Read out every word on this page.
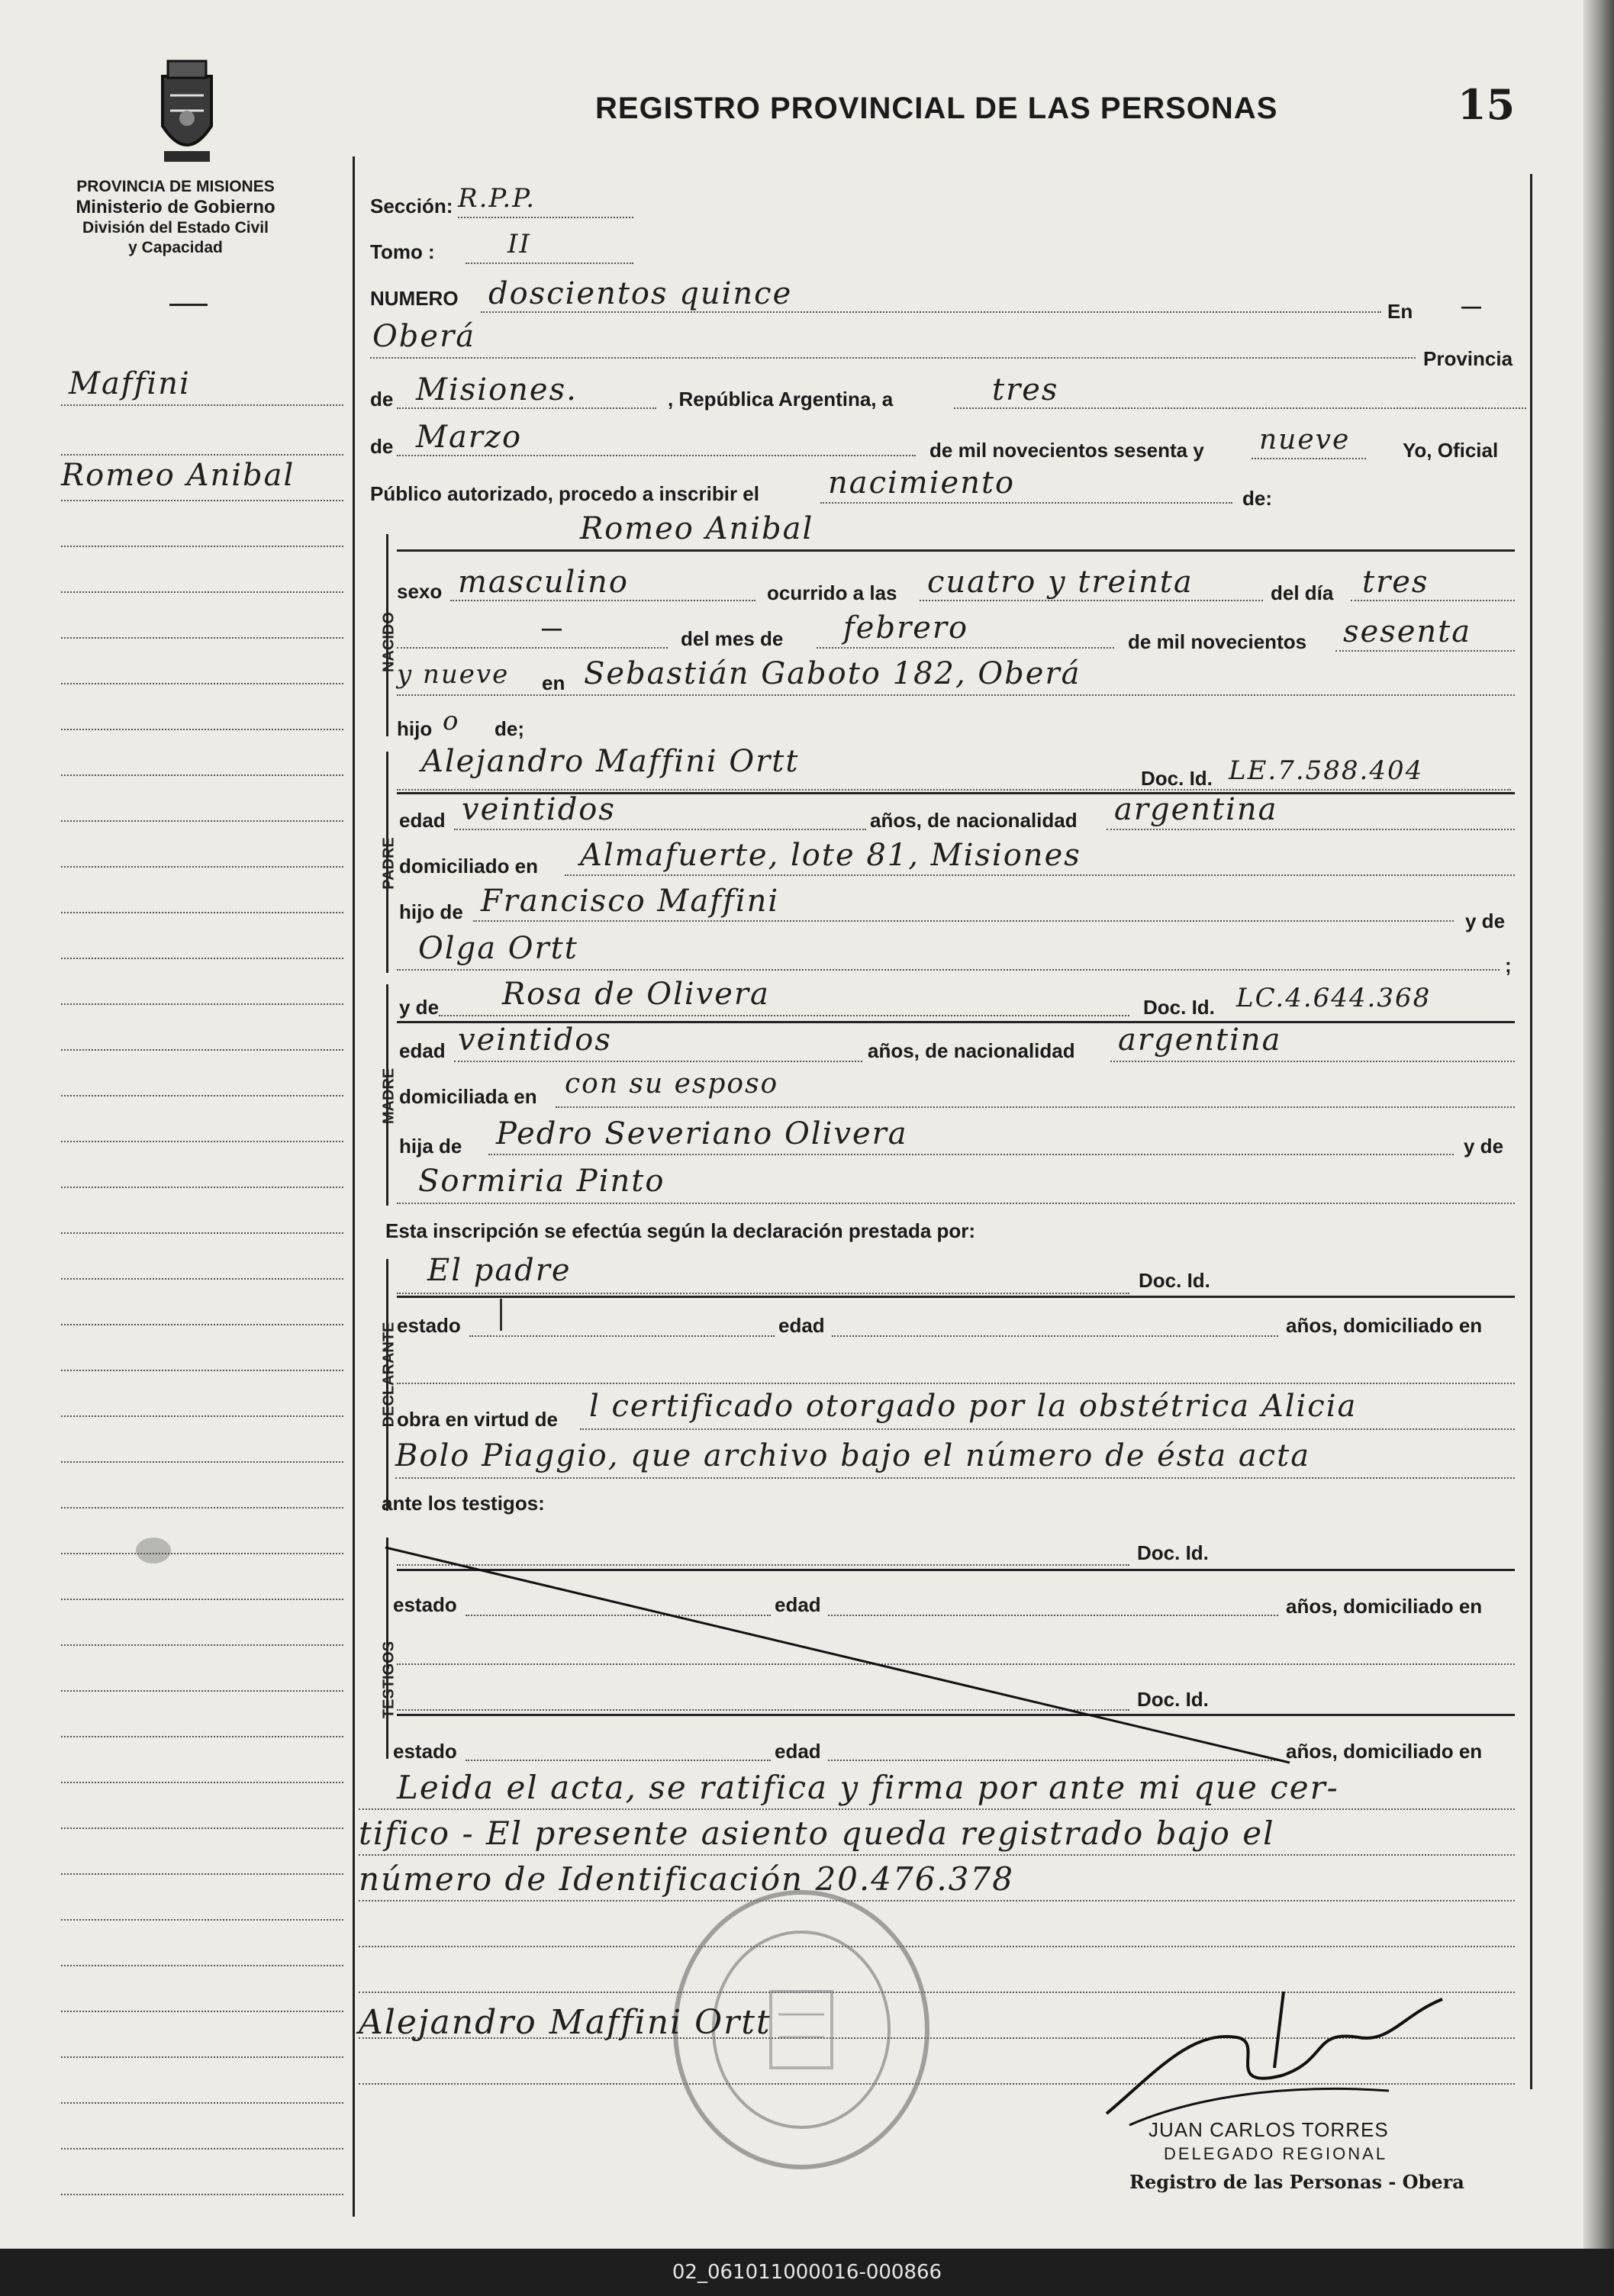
REGISTRO PROVINCIAL DE LAS PERSONAS	15
PROVINCIA DE MISIONES
Ministerio de Gobierno
División del Estado Civil
y Capacidad
Maffini
Romeo Anibal
Sección: R.P.P.
Tomo :	II
NUMERO doscientos quince	En —
Oberá
Provincia
de Misiones.	, República Argentina, a	tres
de Marzo	de mil novecientos sesenta y nueve	Yo, Oficial
Público autorizado, procedo a inscribir el nacimiento	de:
NACIDO
Romeo Anibal
sexo masculino	ocurrido a las cuatro y treinta	del día tres
—	del mes de febrero	de mil novecientos sesenta
y nueve en Sebastián Gaboto 182, Oberá
hijo o de;
PADRE
Alejandro Maffini Ortt	Doc. Id. LE.7.588.404
edad veintidos	años, de nacionalidad argentina
domiciliado en Almafuerte, lote 81, Misiones
hijo de Francisco Maffini
y de
Olga Ortt	;
MADRE
y de Rosa de Olivera	Doc. Id. LC.4.644.368
edad veintidos	años, de nacionalidad argentina
domiciliada en con su esposo
hija de Pedro Severiano Olivera	y de
Sormiria Pinto
Esta inscripción se efectúa según la declaración prestada por:
DECLARANTE
El padre	Doc. Id.
estado	edad	años, domiciliado en
obra en virtud de l certificado otorgado por la obstétrica Alicia
Bolo Piaggio, que archivo bajo el número de ésta acta
ante los testigos:
TESTIGOS
Doc. Id.
estado	edad	años, domiciliado en
Doc. Id.
estado	edad	años, domiciliado en
Leida el acta, se ratifica y firma por ante mi que cer-
tifico - El presente asiento queda registrado bajo el
número de Identificación 20.476.378
Alejandro Maffini Ortt
JUAN CARLOS TORRES
DELEGADO REGIONAL
Registro de las Personas - Obera
02_061011000016-000866
